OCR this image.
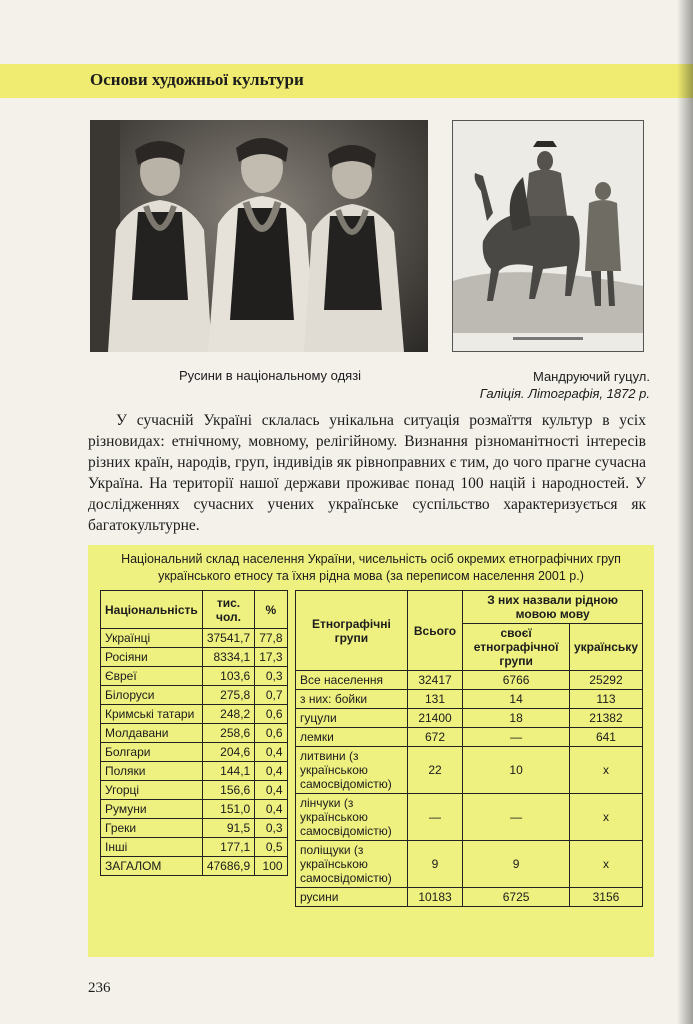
Основи художньої культури
Русини в національному одязі	Мандруючий гуцул.
Галіція. Літографія, 1872 р.

У сучасній Україні склалась унікальна ситуація розмаїття культур в усіх різновидах: етнічному, мовному, релігійному. Визнання різноманітності інтересів різних країн, народів, груп, індивідів як рівноправних є тим, до чого прагне сучасна Україна. На території нашої держави проживає понад 100 націй і народностей. У дослідженнях сучасних учених українське суспільство характеризується як багатокультурне.

Національний склад населення України, чисельність осіб окремих етнографічних груп українського етносу та їхня рідна мова (за переписом населення 2001 р.)
Національність	тис. чол.	%
Українці	37541,7	77,8
Росіяни	8334,1	17,3
Євреї	103,6	0,3
Білоруси	275,8	0,7
Кримські татари	248,2	0,6
Молдавани	258,6	0,6
Болгари	204,6	0,4
Поляки	144,1	0,4
Угорці	156,6	0,4
Румуни	151,0	0,4
Греки	91,5	0,3
Інші	177,1	0,5
ЗАГАЛОМ	47686,9	100
Етнографічні групи	Всього	З них назвали рідною мовою мову	
		своєї етнографічної групи	українську
Все населення	32417	6766	25292
з них: бойки	131	14	113
гуцули	21400	18	21382
лемки	672	—	641
литвини (з українською самосвідомістю)	22	10	х
лінчуки (з українською самосвідомістю)	—	—	х
поліщуки (з українською самосвідомістю)	9	9	х
русини	10183	6725	3156
236
